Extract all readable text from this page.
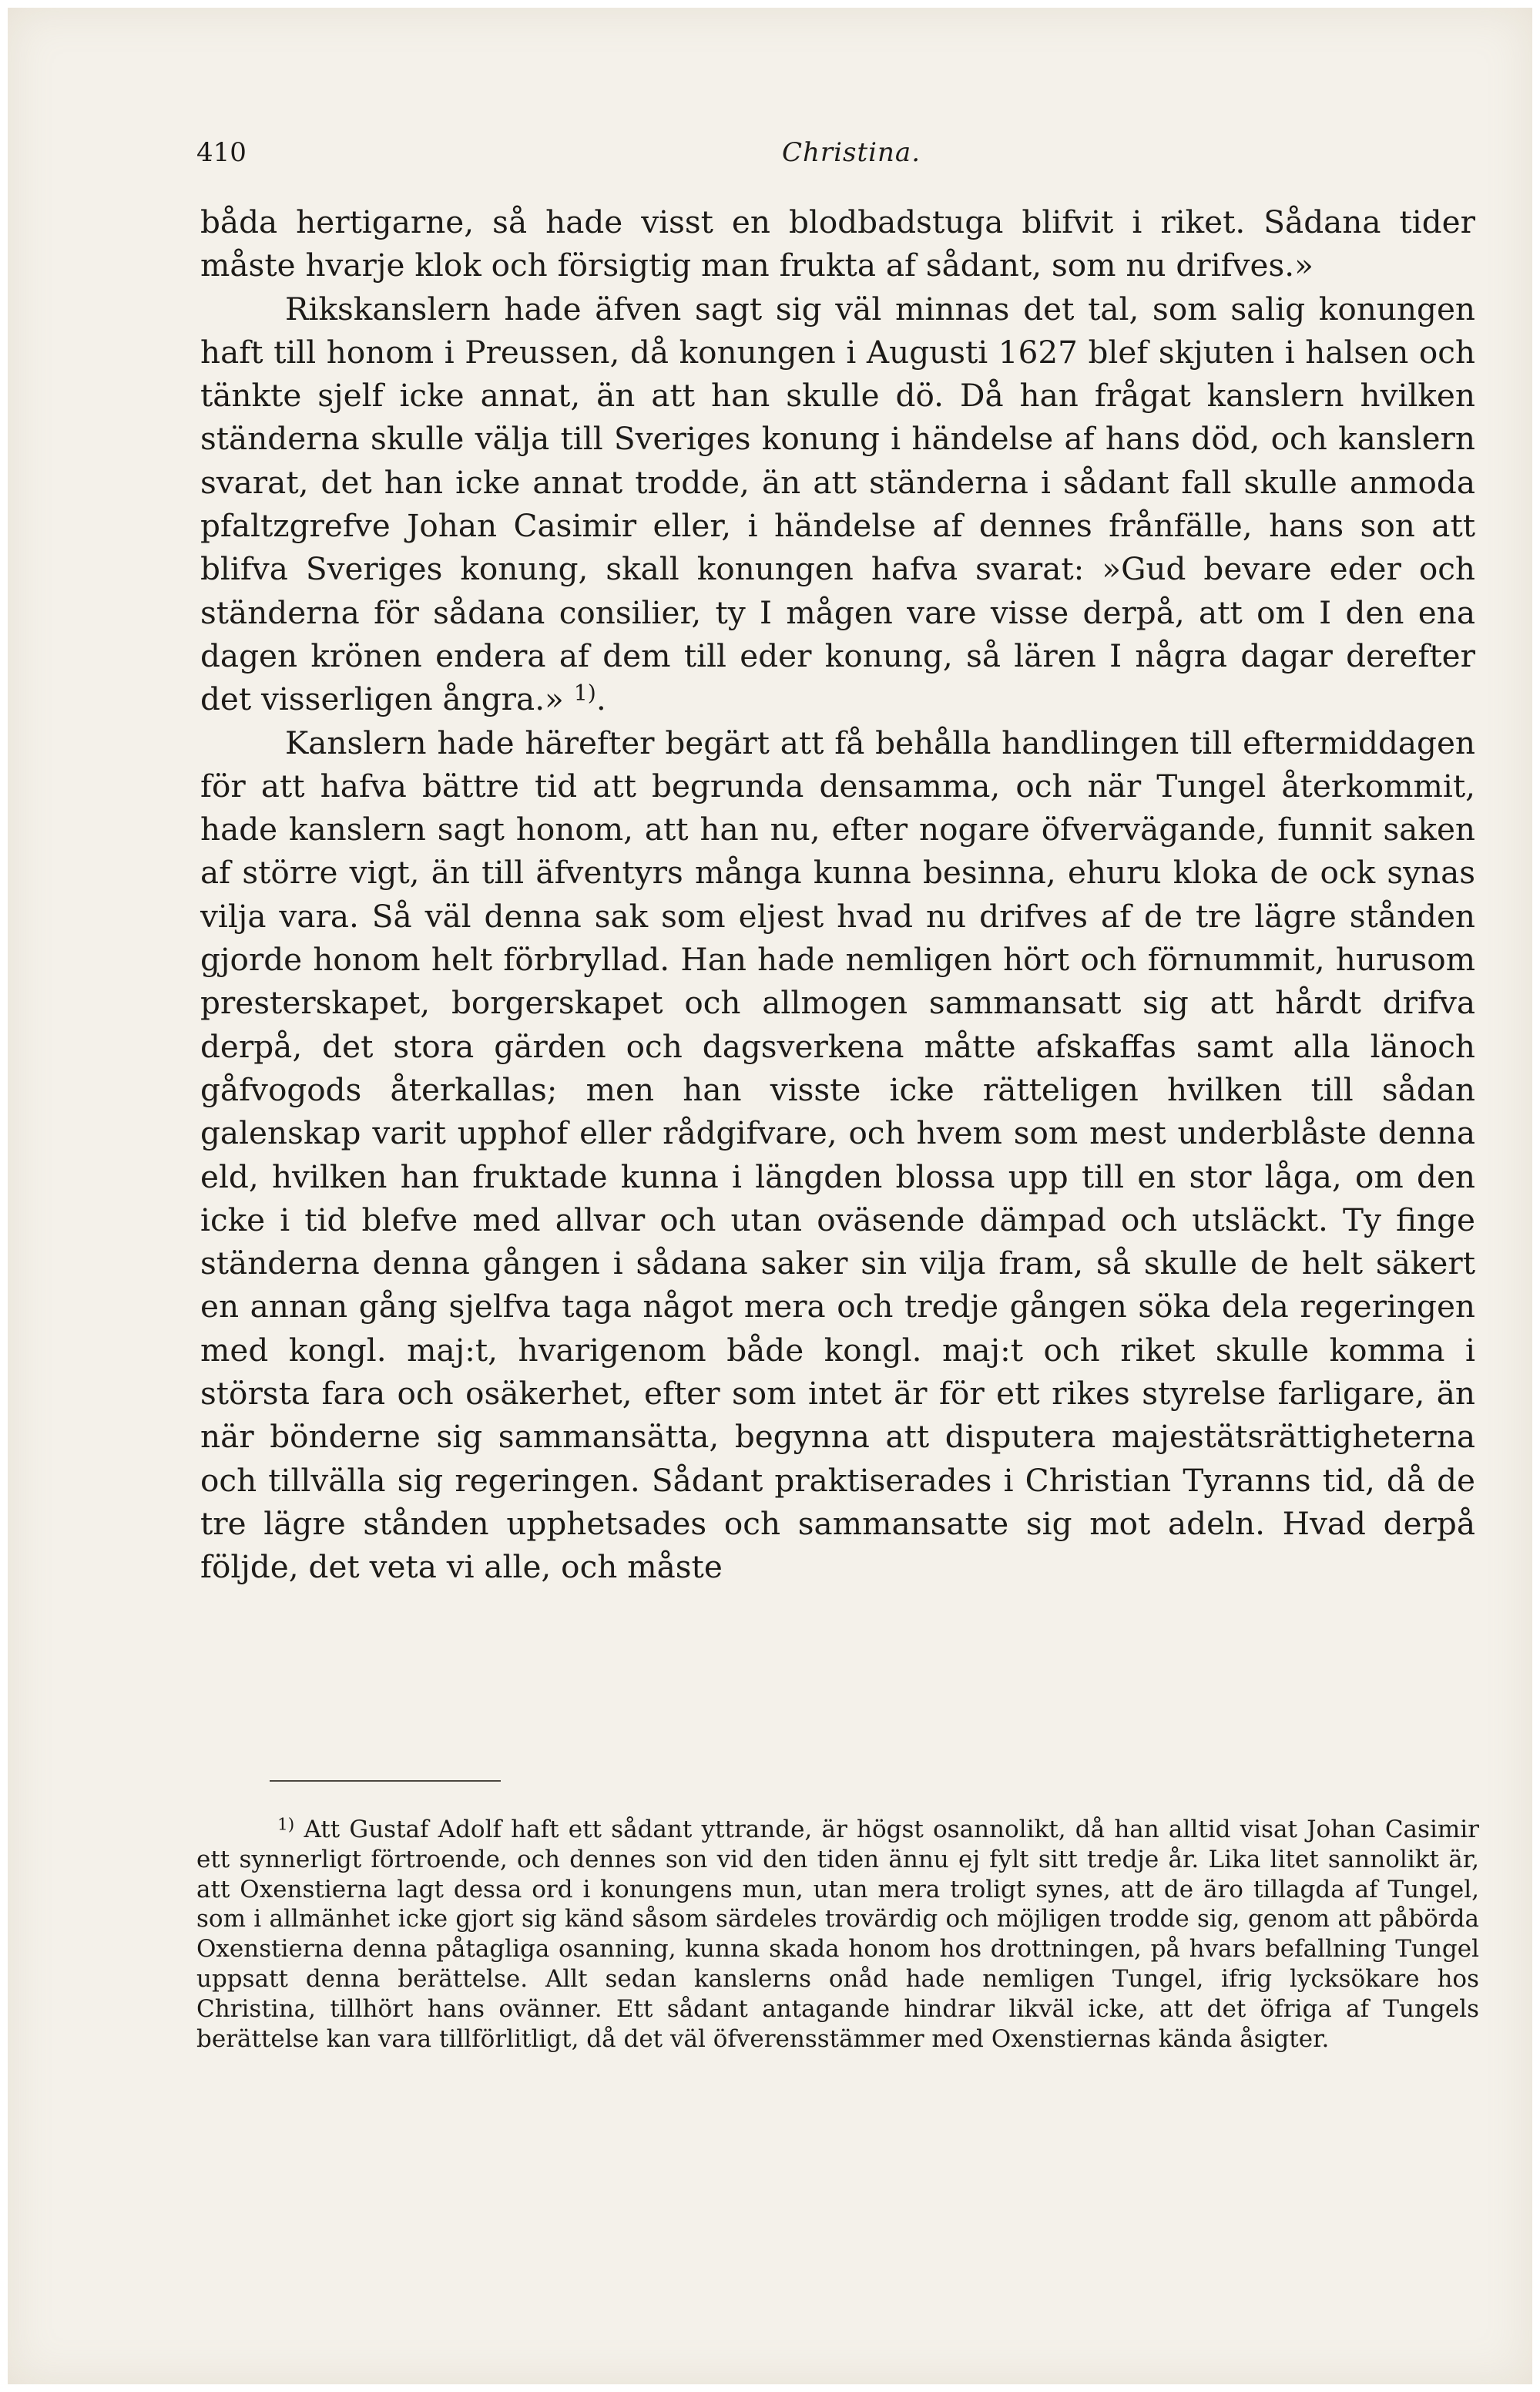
410	Christina.

båda hertigarne, så hade visst en blodbadstuga blifvit i riket. Sådana tider måste hvarje klok och försigtig man frukta af sådant, som nu drifves.»

Rikskanslern hade äfven sagt sig väl minnas det tal, som salig konungen haft till honom i Preussen, då konungen i Augusti 1627 blef skjuten i halsen och tänkte sjelf icke annat, än att han skulle dö. Då han frågat kanslern hvilken ständerna skulle välja till Sveriges konung i händelse af hans död, och kanslern svarat, det han icke annat trodde, än att ständerna i sådant fall skulle anmoda pfaltzgrefve Johan Casimir eller, i händelse af dennes frånfälle, hans son att blifva Sveriges konung, skall konungen hafva svarat: »Gud bevare eder och ständerna för sådana consilier, ty I mågen vare visse derpå, att om I den ena dagen krönen endera af dem till eder konung, så lären I några dagar derefter det visserligen ångra.» $^{1)}$.

Kanslern hade härefter begärt att få behålla handlingen till eftermiddagen för att hafva bättre tid att begrunda densamma, och när Tungel återkommit, hade kanslern sagt honom, att han nu, efter nogare öfvervägande, funnit saken af större vigt, än till äfventyrs många kunna besinna, ehuru kloka de ock synas vilja vara. Så väl denna sak som eljest hvad nu drifves af de tre lägre stånden gjorde honom helt förbryllad. Han hade nemligen hört och förnummit, hurusom presterskapet, borgerskapet och allmogen sammansatt sig att hårdt drifva derpå, det stora gärden och dagsverkena måtte afskaffas samt alla länoch gåfvogods återkallas; men han visste icke rätteligen hvilken till sådan galenskap varit upphof eller rådgifvare, och hvem som mest underblåste denna eld, hvilken han fruktade kunna i längden blossa upp till en stor låga, om den icke i tid blefve med allvar och utan oväsende dämpad och utsläckt. Ty finge ständerna denna gången i sådana saker sin vilja fram, så skulle de helt säkert en annan gång sjelfva taga något mera och tredje gången söka dela regeringen med kongl. maj:t, hvarigenom både kongl. maj:t och riket skulle komma i största fara och osäkerhet, efter som intet är för ett rikes styrelse farligare, än när bönderne sig sammansätta, begynna att disputera majestätsrättigheterna och tillvälla sig regeringen. Sådant praktiserades i Christian Tyranns tid, då de tre lägre stånden upphetsades och sammansatte sig mot adeln. Hvad derpå följde, det veta vi alle, och måste

$^{1)}$ Att Gustaf Adolf haft ett sådant yttrande, är högst osannolikt, då han alltid visat Johan Casimir ett synnerligt förtroende, och dennes son vid den tiden ännu ej fylt sitt tredje år. Lika litet sannolikt är, att Oxenstierna lagt dessa ord i konungens mun, utan mera troligt synes, att de äro tillagda af Tungel, som i allmänhet icke gjort sig känd såsom särdeles trovärdig och möjligen trodde sig, genom att påbörda Oxenstierna denna påtagliga osanning, kunna skada honom hos drottningen, på hvars befallning Tungel uppsatt denna berättelse. Allt sedan kanslerns onåd hade nemligen Tungel, ifrig lycksökare hos Christina, tillhört hans ovänner. Ett sådant antagande hindrar likväl icke, att det öfriga af Tungels berättelse kan vara tillförlitligt, då det väl öfverensstämmer med Oxenstiernas kända åsigter.
